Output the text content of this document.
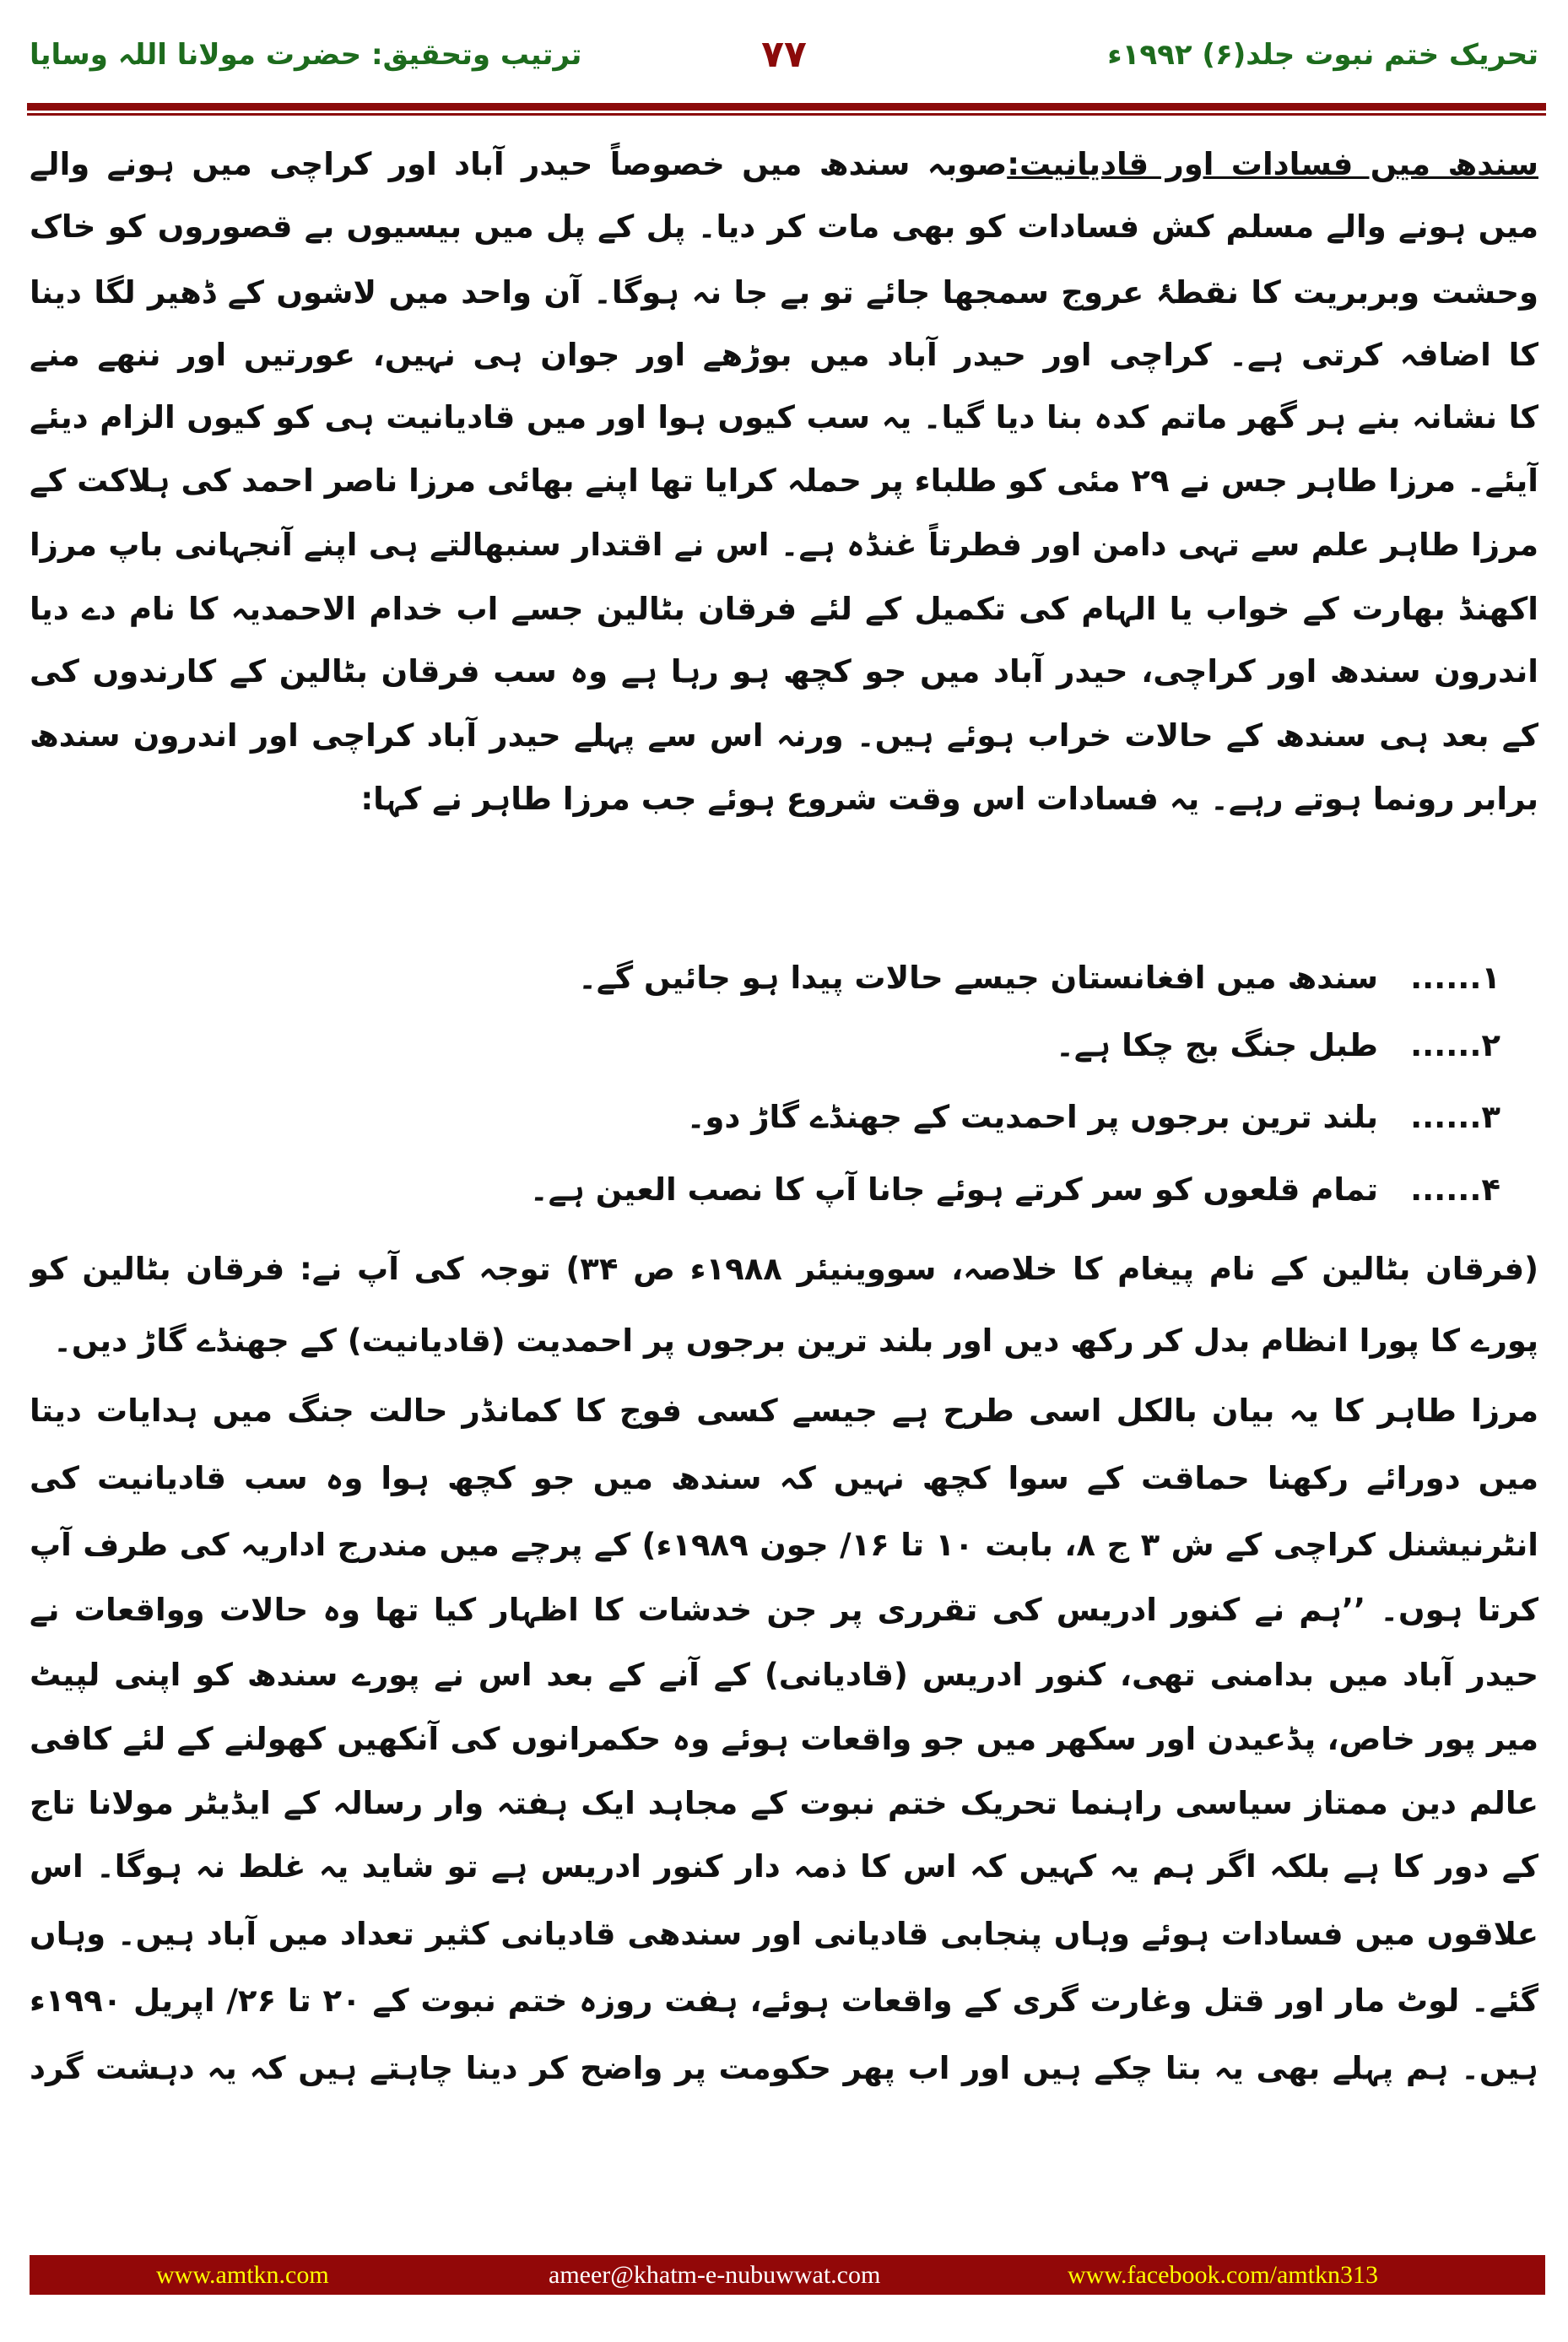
تحریک ختم نبوت جلد(۶) ۱۹۹۲ء
۷۷
ترتیب وتحقیق: حضرت مولانا اللہ وسایا
سندھ میں فسادات اور قادیانیت:صوبہ سندھ میں خصوصاً حیدر آباد اور کراچی میں ہونے والے
میں ہونے والے مسلم کش فسادات کو بھی مات کر دیا۔ پل کے پل میں بیسیوں بے قصوروں کو خاک
وحشت وبربریت کا نقطۂ عروج سمجھا جائے تو بے جا نہ ہوگا۔ آن واحد میں لاشوں کے ڈھیر لگا دینا
کا اضافہ کرتی ہے۔ کراچی اور حیدر آباد میں بوڑھے اور جوان ہی نہیں، عورتیں اور ننھے منے
کا نشانہ بنے ہر گھر ماتم کدہ بنا دیا گیا۔ یہ سب کیوں ہوا اور میں قادیانیت ہی کو کیوں الزام دیئے
آیئے۔ مرزا طاہر جس نے ۲۹ مئی کو طلباء پر حملہ کرایا تھا اپنے بھائی مرزا ناصر احمد کی ہلاکت کے
مرزا طاہر علم سے تہی دامن اور فطرتاً غنڈہ ہے۔ اس نے اقتدار سنبھالتے ہی اپنے آنجہانی باپ مرزا
اکھنڈ بھارت کے خواب یا الہام کی تکمیل کے لئے فرقان بٹالین جسے اب خدام الاحمدیہ کا نام دے دیا
اندرون سندھ اور کراچی، حیدر آباد میں جو کچھ ہو رہا ہے وہ سب فرقان بٹالین کے کارندوں کی
کے بعد ہی سندھ کے حالات خراب ہوئے ہیں۔ ورنہ اس سے پہلے حیدر آباد کراچی اور اندرون سندھ
برابر رونما ہوتے رہے۔ یہ فسادات اس وقت شروع ہوئے جب مرزا طاہر نے کہا:
۱......
سندھ میں افغانستان جیسے حالات پیدا ہو جائیں گے۔
۲......
طبل جنگ بج چکا ہے۔
۳......
بلند ترین برجوں پر احمدیت کے جھنڈے گاڑ دو۔
۴......
تمام قلعوں کو سر کرتے ہوئے جانا آپ کا نصب العین ہے۔
(فرقان بٹالین کے نام پیغام کا خلاصہ، سووینیئر ۱۹۸۸ء ص ۳۴) توجہ کی آپ نے: فرقان بٹالین کو
پورے کا پورا انظام بدل کر رکھ دیں اور بلند ترین برجوں پر احمدیت (قادیانیت) کے جھنڈے گاڑ دیں۔
مرزا طاہر کا یہ بیان بالکل اسی طرح ہے جیسے کسی فوج کا کمانڈر حالت جنگ میں ہدایات دیتا
میں دورائے رکھنا حماقت کے سوا کچھ نہیں کہ سندھ میں جو کچھ ہوا وہ سب قادیانیت کی
انٹرنیشنل کراچی کے ش ۳ ج ۸، بابت ۱۰ تا ۱۶/ جون ۱۹۸۹ء) کے پرچے میں مندرج اداریہ کی طرف آپ
کرتا ہوں۔ ’’ہم نے کنور ادریس کی تقرری پر جن خدشات کا اظہار کیا تھا وہ حالات وواقعات نے
حیدر آباد میں بدامنی تھی، کنور ادریس (قادیانی) کے آنے کے بعد اس نے پورے سندھ کو اپنی لپیٹ
میر پور خاص، پڈعیدن اور سکھر میں جو واقعات ہوئے وہ حکمرانوں کی آنکھیں کھولنے کے لئے کافی
عالم دین ممتاز سیاسی راہنما تحریک ختم نبوت کے مجاہد ایک ہفتہ وار رسالہ کے ایڈیٹر مولانا تاج
کے دور کا ہے بلکہ اگر ہم یہ کہیں کہ اس کا ذمہ دار کنور ادریس ہے تو شاید یہ غلط نہ ہوگا۔ اس
علاقوں میں فسادات ہوئے وہاں پنجابی قادیانی اور سندھی قادیانی کثیر تعداد میں آباد ہیں۔ وہاں
گئے۔ لوٹ مار اور قتل وغارت گری کے واقعات ہوئے، ہفت روزہ ختم نبوت کے ۲۰ تا ۲۶/ اپریل ۱۹۹۰ء
ہیں۔ ہم پہلے بھی یہ بتا چکے ہیں اور اب پھر حکومت پر واضح کر دینا چاہتے ہیں کہ یہ دہشت گرد
www.amtkn.com	ameer@khatm-e-nubuwwat.com	www.facebook.com/amtkn313
